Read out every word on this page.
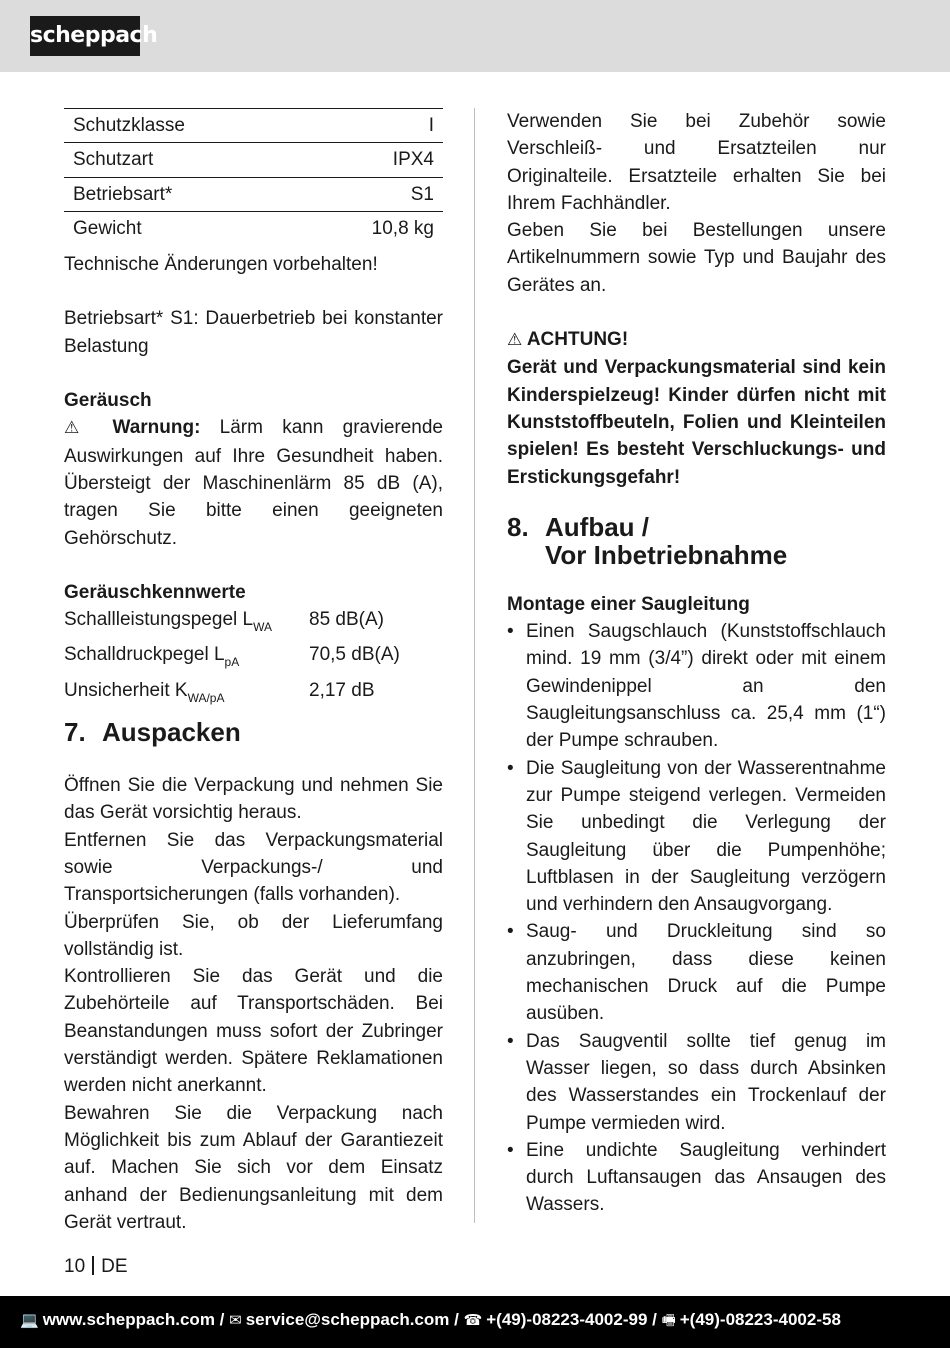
scheppach
Schutzklasse	I
Schutzart	IPX4
Betriebsart*	S1
Gewicht	10,8 kg

Technische Änderungen vorbehalten!

Betriebsart* S1: Dauerbetrieb bei konstanter Belastung

Geräusch

⚠ Warnung: Lärm kann gravierende Auswirkungen auf Ihre Gesundheit haben. Übersteigt der Maschinenlärm 85 dB (A), tragen Sie bitte einen geeigneten Gehörschutz.

Geräuschkennwerte

Schallleistungspegel $L_{WA}$	85 dB(A)
Schalldruckpegel $L_{pA}$	70,5 dB(A)
Unsicherheit $K_{WA/pA}$	2,17 dB
7. Auspacken

Öffnen Sie die Verpackung und nehmen Sie das Gerät vorsichtig heraus.

Entfernen Sie das Verpackungsmaterial sowie Verpackungs-/ und Transportsicherungen (falls vorhanden).

Überprüfen Sie, ob der Lieferumfang vollständig ist.

Kontrollieren Sie das Gerät und die Zubehörteile auf Transportschäden. Bei Beanstandungen muss sofort der Zubringer verständigt werden. Spätere Reklamationen werden nicht anerkannt.

Bewahren Sie die Verpackung nach Möglichkeit bis zum Ablauf der Garantiezeit auf. Machen Sie sich vor dem Einsatz anhand der Bedienungsanleitung mit dem Gerät vertraut.

Verwenden Sie bei Zubehör sowie Verschleiß- und Ersatzteilen nur Originalteile. Ersatzteile erhalten Sie bei Ihrem Fachhändler.

Geben Sie bei Bestellungen unsere Artikelnummern sowie Typ und Baujahr des Gerätes an.

⚠ ACHTUNG!

Gerät und Verpackungsmaterial sind kein Kinderspielzeug! Kinder dürfen nicht mit Kunststoffbeuteln, Folien und Kleinteilen spielen! Es besteht Verschluckungs- und Erstickungsgefahr!

8. Aufbau /
Vor Inbetriebnahme

Montage einer Saugleitung

• Einen Saugschlauch (Kunststoffschlauch mind. 19 mm (3/4”) direkt oder mit einem Gewindenippel an den Saugleitungsanschluss ca. 25,4 mm (1“) der Pumpe schrauben.
• Die Saugleitung von der Wasserentnahme zur Pumpe steigend verlegen. Vermeiden Sie unbedingt die Verlegung der Saugleitung über die Pumpenhöhe; Luftblasen in der Saugleitung verzögern und verhindern den Ansaugvorgang.
• Saug- und Druckleitung sind so anzubringen, dass diese keinen mechanischen Druck auf die Pumpe ausüben.
• Das Saugventil sollte tief genug im Wasser liegen, so dass durch Absinken des Wasserstandes ein Trockenlauf der Pumpe vermieden wird.
• Eine undichte Saugleitung verhindert durch Luftansaugen das Ansaugen des Wassers.
10 DE
💻 www.scheppach.com / ✉ service@scheppach.com / ☎ +(49)-08223-4002-99 / 🖷 +(49)-08223-4002-58
